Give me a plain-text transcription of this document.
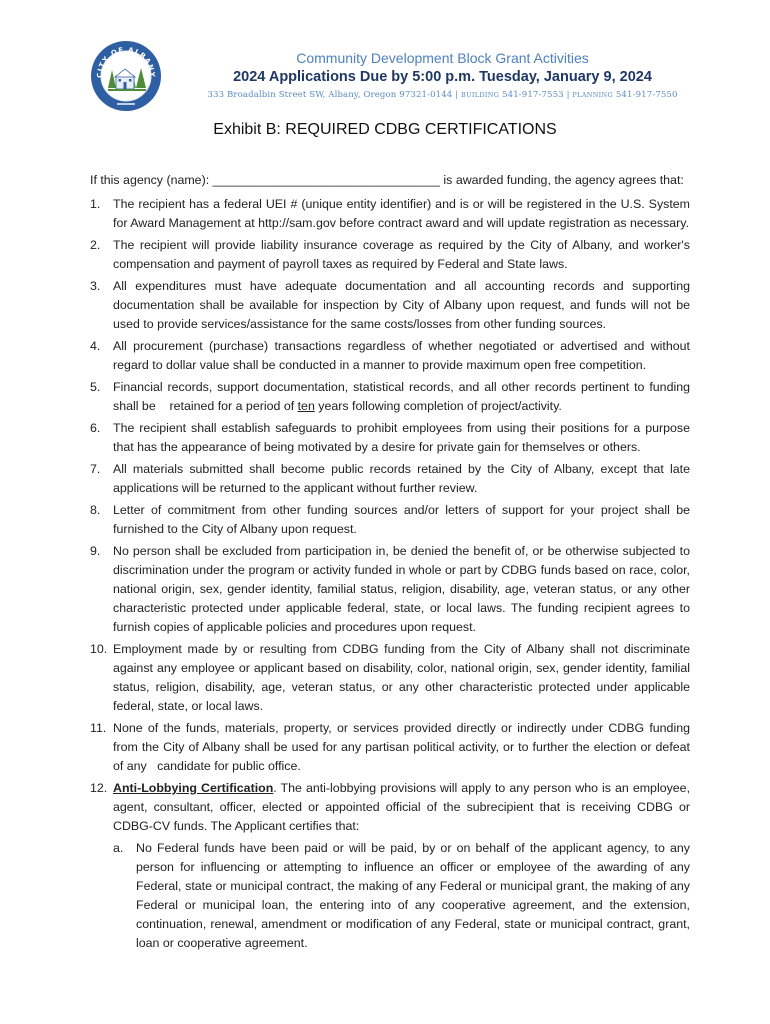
CITY OF ALBANY
Community Development Block Grant Activities
2024 Applications Due by 5:00 p.m. Tuesday, January 9, 2024
333 Broadalbin Street SW, Albany, Oregon 97321-0144 | BUILDING 541-917-7553 | PLANNING 541-917-7550
Exhibit B: REQUIRED CDBG CERTIFICATIONS
If this agency (name): _________________________________ is awarded funding, the agency agrees that:
1. The recipient has a federal UEI # (unique entity identifier) and is or will be registered in the U.S. System for Award Management at http://sam.gov before contract award and will update registration as necessary.
2. The recipient will provide liability insurance coverage as required by the City of Albany, and worker's compensation and payment of payroll taxes as required by Federal and State laws.
3. All expenditures must have adequate documentation and all accounting records and supporting documentation shall be available for inspection by City of Albany upon request, and funds will not be used to provide services/assistance for the same costs/losses from other funding sources.
4. All procurement (purchase) transactions regardless of whether negotiated or advertised and without regard to dollar value shall be conducted in a manner to provide maximum open free competition.
5. Financial records, support documentation, statistical records, and all other records pertinent to funding shall be    retained for a period of ten years following completion of project/activity.
6. The recipient shall establish safeguards to prohibit employees from using their positions for a purpose that has the appearance of being motivated by a desire for private gain for themselves or others.
7. All materials submitted shall become public records retained by the City of Albany, except that late applications will be returned to the applicant without further review.
8. Letter of commitment from other funding sources and/or letters of support for your project shall be furnished to the City of Albany upon request.
9. No person shall be excluded from participation in, be denied the benefit of, or be otherwise subjected to discrimination under the program or activity funded in whole or part by CDBG funds based on race, color, national origin, sex, gender identity, familial status, religion, disability, age, veteran status, or any other characteristic protected under applicable federal, state, or local laws. The funding recipient agrees to furnish copies of applicable policies and procedures upon request.
10. Employment made by or resulting from CDBG funding from the City of Albany shall not discriminate against any employee or applicant based on disability, color, national origin, sex, gender identity, familial status, religion, disability, age, veteran status, or any other characteristic protected under applicable federal, state, or local laws.
11. None of the funds, materials, property, or services provided directly or indirectly under CDBG funding from the City of Albany shall be used for any partisan political activity, or to further the election or defeat of any   candidate for public office.
12. Anti-Lobbying Certification. The anti-lobbying provisions will apply to any person who is an employee, agent, consultant, officer, elected or appointed official of the subrecipient that is receiving CDBG or CDBG-CV funds. The Applicant certifies that:
a. No Federal funds have been paid or will be paid, by or on behalf of the applicant agency, to any person for influencing or attempting to influence an officer or employee of the awarding of any Federal, state or municipal contract, the making of any Federal or municipal grant, the making of any Federal or municipal loan, the entering into of any cooperative agreement, and the extension, continuation, renewal, amendment or modification of any Federal, state or municipal contract, grant, loan or cooperative agreement.
